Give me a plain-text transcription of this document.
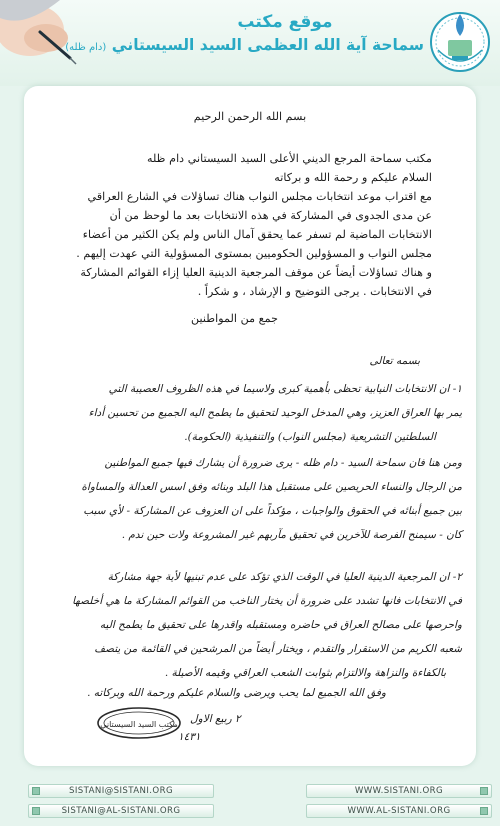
موقع مكتب
سماحة آية الله العظمى السيد السيستاني (دام ظله)
بسم الله الرحمن الرحيم
مكتب سماحة المرجع الديني الأعلى السيد السيستاني دام ظله
السلام عليكم و رحمة الله و بركاته
مع اقتراب موعد انتخابات مجلس النواب هناك تساؤلات في الشارع العراقي
عن مدى الجدوى في المشاركة في هذه الانتخابات بعد ما لوحظ من أن
الانتخابات الماضية لم تسفر عما يحقق آمال الناس ولم يكن الكثير من أعضاء
مجلس النواب و المسؤولين الحكوميين بمستوى المسؤولية التي عهدت إليهم .
و هناك تساؤلات أيضاً عن موقف المرجعية الدينية العليا إزاء القوائم المشاركة
في الانتخابات . يرجى التوضيح و الإرشاد ، و شكراً .
جمع من المواطنين
بسمه تعالى
١- ان الانتخابات النيابية تحظى بأهمية كبرى ولاسيما في هذه الظروف العصيبة التي
يمر بها العراق العزيز، وهي المدخل الوحيد لتحقيق ما يطمح اليه الجميع من تحسين أداء
السلطتين التشريعية (مجلس النواب) والتنفيذية (الحكومة).
ومن هنا فان سماحة السيد - دام ظله - يرى ضرورة أن يشارك فيها جميع المواطنين
من الرجال والنساء الحريصين على مستقبل هذا البلد وبنائه وفق اسس العدالة والمساواة
بين جميع أبنائه في الحقوق والواجبات ، مؤكداً على ان العزوف عن المشاركة - لأي سبب
كان - سيمنح الفرصة للآخرين في تحقيق مآربهم غير المشروعة ولات حين ندم .
٢- ان المرجعية الدينية العليا في الوقت الذي تؤكد على عدم تبنيها لأية جهة مشاركة
في الانتخابات فانها تشدد على ضرورة أن يختار الناخب من القوائم المشاركة ما هي أخلصها
واحرصها على مصالح العراق في حاضره ومستقبله واقدرها على تحقيق ما يطمح اليه
شعبه الكريم من الاستقرار والتقدم ، ويختار أيضاً من المرشحين في القائمة من يتصف
بالكفاءة والنزاهة والالتزام بثوابت الشعب العراقي وقيمه الأصيلة .
وفق الله الجميع لما يحب ويرضى والسلام عليكم ورحمة الله وبركاته .
٢ ربيع الاول
١٤٣١
مكتب السيد السيستاني
SISTANI@SISTANI.ORG
SISTANI@AL-SISTANI.ORG
WWW.SISTANI.ORG
WWW.AL-SISTANI.ORG
